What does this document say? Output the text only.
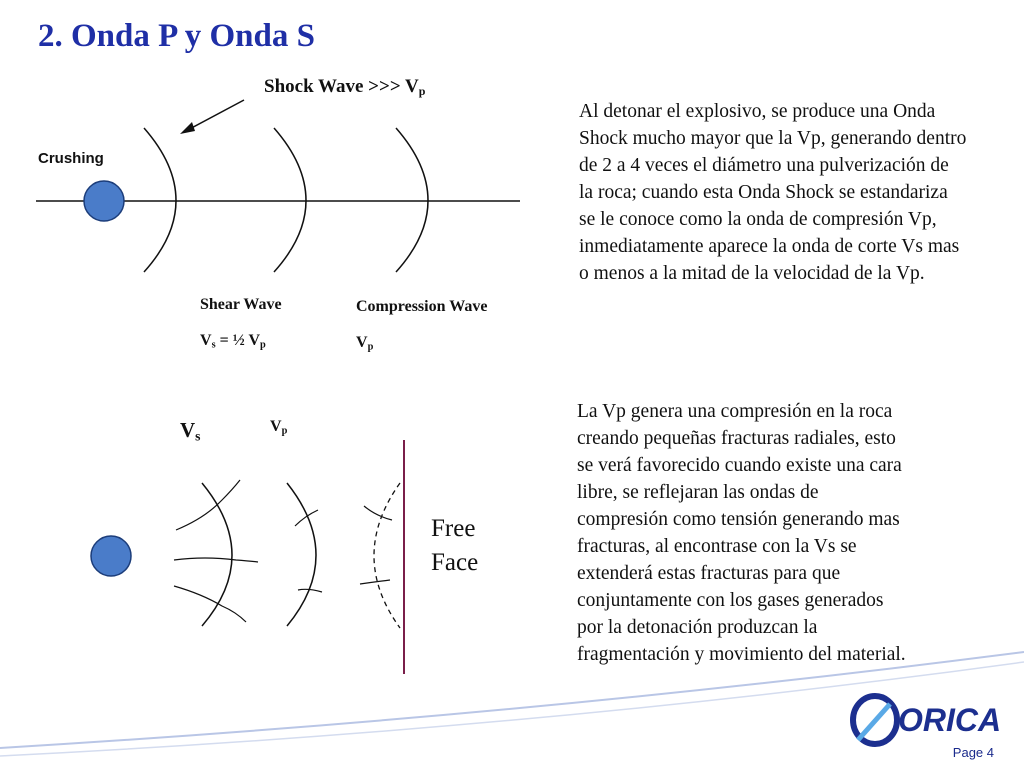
2. Onda P y Onda S
Shock Wave >>> $V_p$
Crushing
Shear Wave
$V_s$ = ½ $V_p$
Compression Wave
$V_p$
$V_s$
$V_p$
Free
Face
Al detonar el explosivo, se produce una Onda Shock mucho mayor que la Vp, generando dentro de 2 a 4 veces el diámetro una pulverización de la roca; cuando esta Onda Shock se estandariza se le conoce como la onda de compresión Vp, inmediatamente aparece la onda de corte Vs mas o menos a la mitad de la velocidad de la Vp.
La Vp genera una compresión en la roca creando pequeñas fracturas radiales, esto se verá favorecido cuando existe una cara libre, se reflejaran las ondas de compresión como tensión generando mas fracturas, al encontrase con la Vs se extenderá estas fracturas para que conjuntamente con los gases generados por la detonación produzcan la fragmentación y movimiento del material.
ORICA
Page 4
